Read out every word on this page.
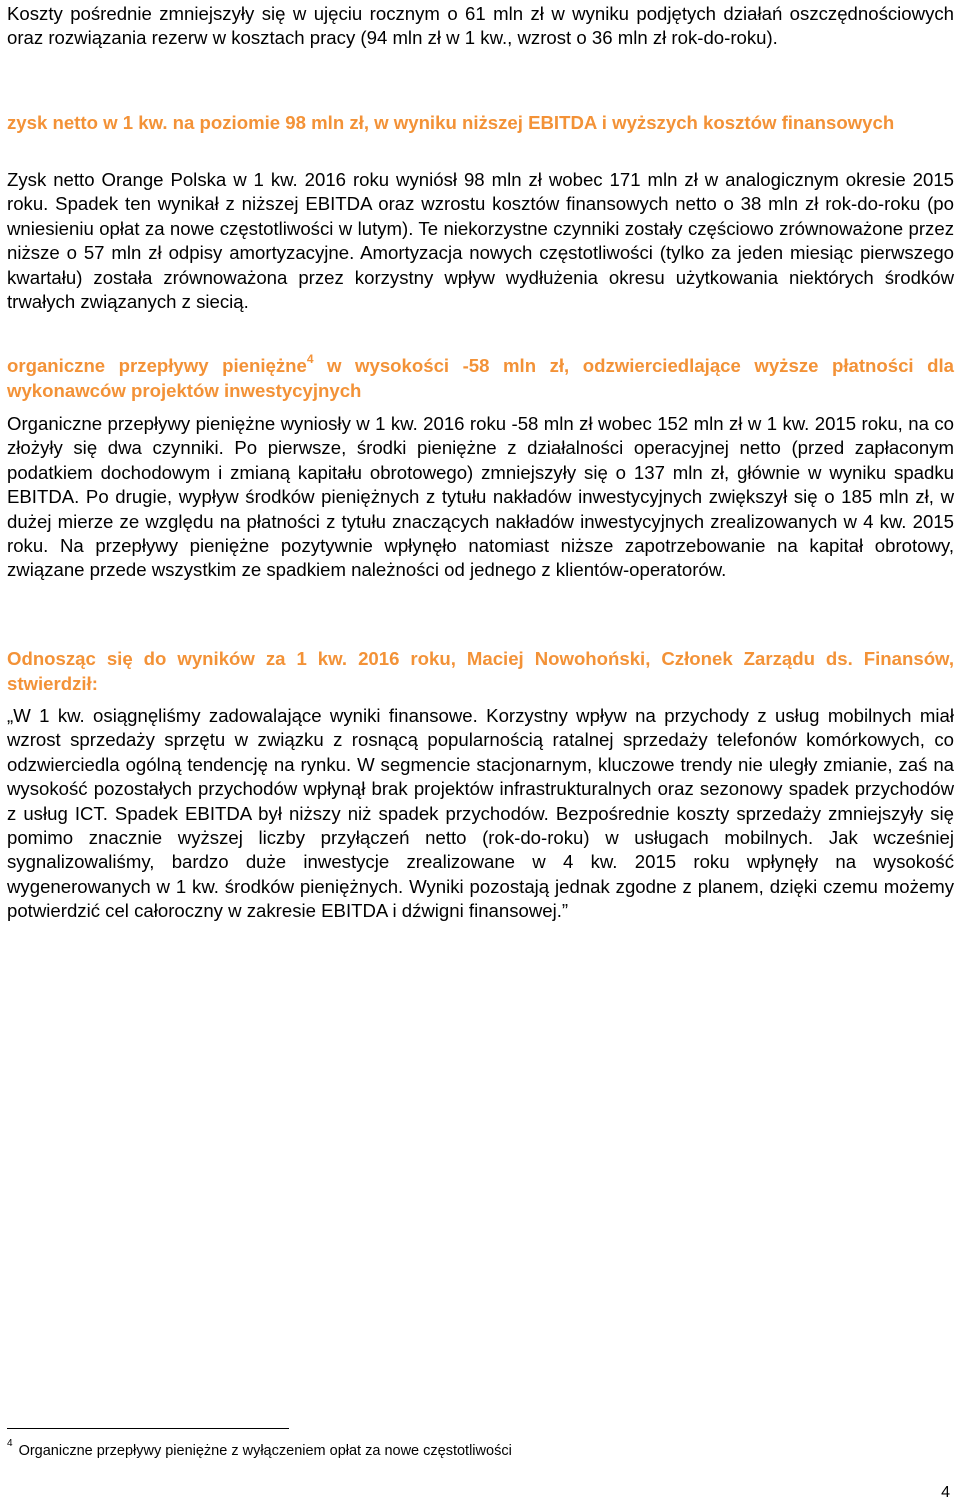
Koszty pośrednie zmniejszyły się w ujęciu rocznym o 61 mln zł w wyniku podjętych działań oszczędnościowych oraz rozwiązania rezerw w kosztach pracy (94 mln zł w 1 kw., wzrost o 36 mln zł rok-do-roku).

zysk netto w 1 kw. na poziomie 98 mln zł, w wyniku niższej EBITDA i wyższych kosztów finansowych

Zysk netto Orange Polska w 1 kw. 2016 roku wyniósł 98 mln zł wobec 171 mln zł w analogicznym okresie 2015 roku. Spadek ten wynikał z niższej EBITDA oraz wzrostu kosztów finansowych netto o 38 mln zł rok-do-roku (po wniesieniu opłat za nowe częstotliwości w lutym). Te niekorzystne czynniki zostały częściowo zrównoważone przez niższe o 57 mln zł odpisy amortyzacyjne. Amortyzacja nowych częstotliwości (tylko za jeden miesiąc pierwszego kwartału) została zrównoważona przez korzystny wpływ wydłużenia okresu użytkowania niektórych środków trwałych związanych z siecią.

organiczne przepływy pieniężne$^4$ w wysokości -58 mln zł, odzwierciedlające wyższe płatności dla wykonawców projektów inwestycyjnych

Organiczne przepływy pieniężne wyniosły w 1 kw. 2016 roku -58 mln zł wobec 152 mln zł w 1 kw. 2015 roku, na co złożyły się dwa czynniki. Po pierwsze, środki pieniężne z działalności operacyjnej netto (przed zapłaconym podatkiem dochodowym i zmianą kapitału obrotowego) zmniejszyły się o 137 mln zł, głównie w wyniku spadku EBITDA. Po drugie, wypływ środków pieniężnych z tytułu nakładów inwestycyjnych zwiększył się o 185 mln zł, w dużej mierze ze względu na płatności z tytułu znaczących nakładów inwestycyjnych zrealizowanych w 4 kw. 2015 roku. Na przepływy pieniężne pozytywnie wpłynęło natomiast niższe zapotrzebowanie na kapitał obrotowy, związane przede wszystkim ze spadkiem należności od jednego z klientów-operatorów.

Odnosząc się do wyników za 1 kw. 2016 roku, Maciej Nowohoński, Członek Zarządu ds. Finansów, stwierdził:

„W 1 kw. osiągnęliśmy zadowalające wyniki finansowe. Korzystny wpływ na przychody z usług mobilnych miał wzrost sprzedaży sprzętu w związku z rosnącą popularnością ratalnej sprzedaży telefonów komórkowych, co odzwierciedla ogólną tendencję na rynku. W segmencie stacjonarnym, kluczowe trendy nie uległy zmianie, zaś na wysokość pozostałych przychodów wpłynął brak projektów infrastrukturalnych oraz sezonowy spadek przychodów z usług ICT. Spadek EBITDA był niższy niż spadek przychodów. Bezpośrednie koszty sprzedaży zmniejszyły się pomimo znacznie wyższej liczby przyłączeń netto (rok-do-roku) w usługach mobilnych. Jak wcześniej sygnalizowaliśmy, bardzo duże inwestycje zrealizowane w 4 kw. 2015 roku wpłynęły na wysokość wygenerowanych w 1 kw. środków pieniężnych. Wyniki pozostają jednak zgodne z planem, dzięki czemu możemy potwierdzić cel całoroczny w zakresie EBITDA i dźwigni finansowej.”

$^4$ Organiczne przepływy pieniężne z wyłączeniem opłat za nowe częstotliwości
4
